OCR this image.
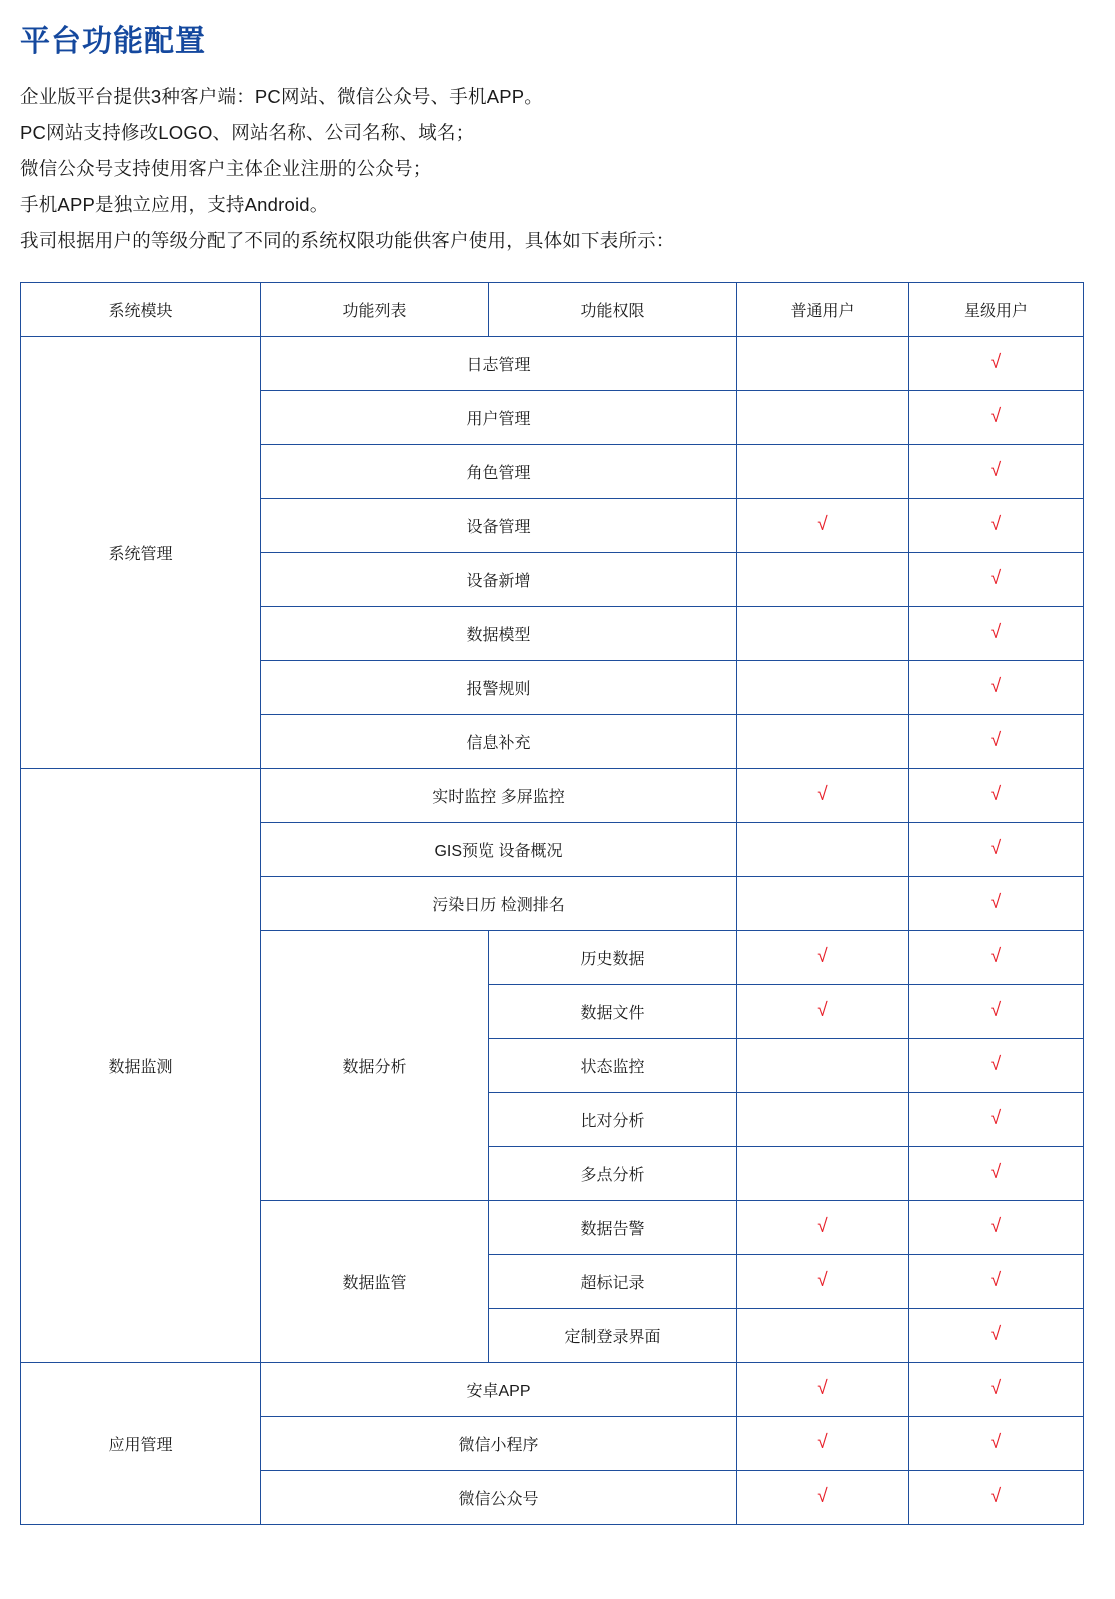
平台功能配置

企业版平台提供3种客户端：PC网站、微信公众号、手机APP。

PC网站支持修改LOGO、网站名称、公司名称、域名；

微信公众号支持使用客户主体企业注册的公众号；

手机APP是独立应用，支持Android。

我司根据用户的等级分配了不同的系统权限功能供客户使用，具体如下表所示：

系统模块	功能列表	功能权限	普通用户	星级用户
系统管理	日志管理			√
	用户管理			√
	角色管理			√
	设备管理		√	√
	设备新增			√
	数据模型			√
	报警规则			√
	信息补充			√
数据监测	实时监控 多屏监控		√	√
	GIS预览 设备概况			√
	污染日历 检测排名			√
	数据分析	历史数据	√	√
		数据文件	√	√
		状态监控		√
		比对分析		√
		多点分析		√
	数据监管	数据告警	√	√
		超标记录	√	√
		定制登录界面		√
应用管理	安卓APP		√	√
	微信小程序		√	√
	微信公众号		√	√
